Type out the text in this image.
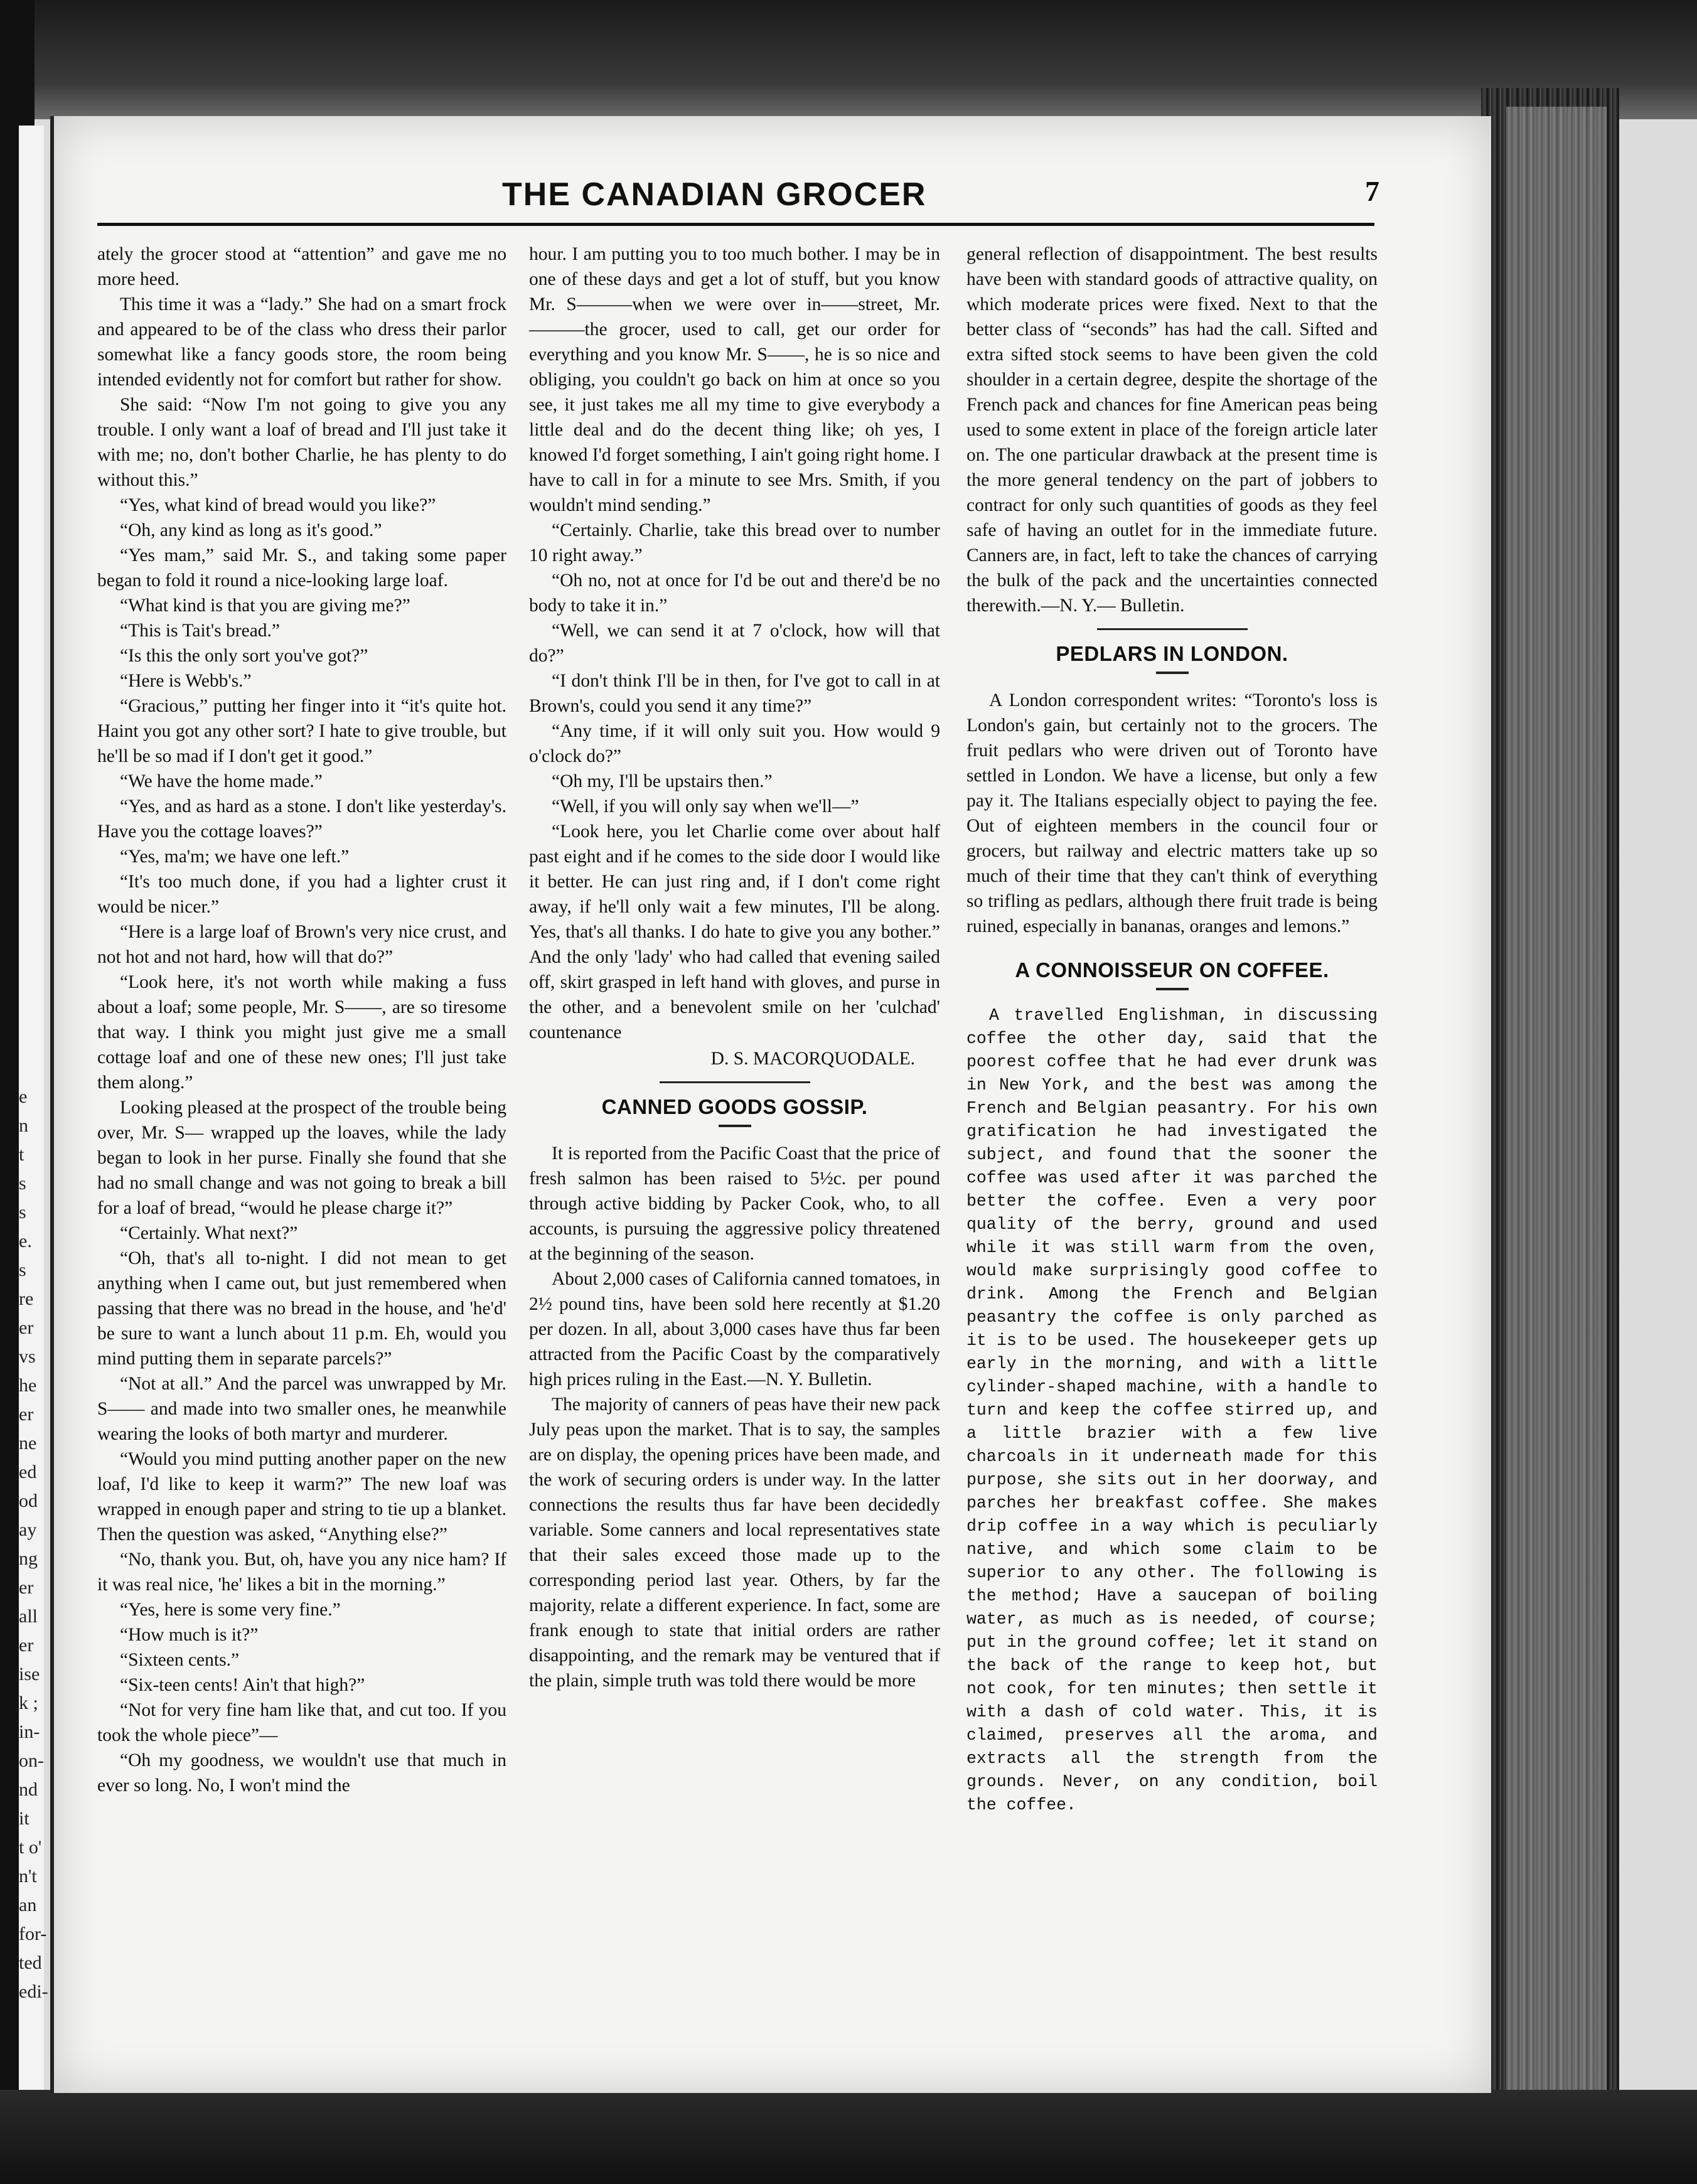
e
n
t
s
s
e.
s
re
er
vs
he
er
ne
ed
od
ay
ng
er
all
er
ise
k ;
in-
on-
nd
it
t o'
n't
an
for-
ted
edi-
THE CANADIAN GROCER	7

ately the grocer stood at “attention” and gave me no more heed.

This time it was a “lady.” She had on a smart frock and appeared to be of the class who dress their parlor somewhat like a fancy goods store, the room being intended evidently not for comfort but rather for show.

She said: “Now I'm not going to give you any trouble. I only want a loaf of bread and I'll just take it with me; no, don't bother Charlie, he has plenty to do without this.”

“Yes, what kind of bread would you like?”

“Oh, any kind as long as it's good.”

“Yes mam,” said Mr. S., and taking some paper began to fold it round a nice-looking large loaf.

“What kind is that you are giving me?”

“This is Tait's bread.”

“Is this the only sort you've got?”

“Here is Webb's.”

“Gracious,” putting her finger into it “it's quite hot. Haint you got any other sort? I hate to give trouble, but he'll be so mad if I don't get it good.”

“We have the home made.”

“Yes, and as hard as a stone. I don't like yesterday's. Have you the cottage loaves?”

“Yes, ma'm; we have one left.”

“It's too much done, if you had a lighter crust it would be nicer.”

“Here is a large loaf of Brown's very nice crust, and not hot and not hard, how will that do?”

“Look here, it's not worth while making a fuss about a loaf; some people, Mr. S——, are so tiresome that way. I think you might just give me a small cottage loaf and one of these new ones; I'll just take them along.”

Looking pleased at the prospect of the trouble being over, Mr. S— wrapped up the loaves, while the lady began to look in her purse. Finally she found that she had no small change and was not going to break a bill for a loaf of bread, “would he please charge it?”

“Certainly. What next?”

“Oh, that's all to-night. I did not mean to get anything when I came out, but just remembered when passing that there was no bread in the house, and 'he'd' be sure to want a lunch about 11 p.m. Eh, would you mind putting them in separate parcels?”

“Not at all.” And the parcel was unwrapped by Mr. S—— and made into two smaller ones, he meanwhile wearing the looks of both martyr and murderer.

“Would you mind putting another paper on the new loaf, I'd like to keep it warm?” The new loaf was wrapped in enough paper and string to tie up a blanket. Then the question was asked, “Anything else?”

“No, thank you. But, oh, have you any nice ham? If it was real nice, 'he' likes a bit in the morning.”

“Yes, here is some very fine.”

“How much is it?”

“Sixteen cents.”

“Six-teen cents! Ain't that high?”

“Not for very fine ham like that, and cut too. If you took the whole piece”—

“Oh my goodness, we wouldn't use that much in ever so long. No, I won't mind the

hour. I am putting you to too much bother. I may be in one of these days and get a lot of stuff, but you know Mr. S———when we were over in——street, Mr.———the grocer, used to call, get our order for everything and you know Mr. S——, he is so nice and obliging, you couldn't go back on him at once so you see, it just takes me all my time to give everybody a little deal and do the decent thing like; oh yes, I knowed I'd forget something, I ain't going right home. I have to call in for a minute to see Mrs. Smith, if you wouldn't mind sending.”

“Certainly. Charlie, take this bread over to number 10 right away.”

“Oh no, not at once for I'd be out and there'd be no body to take it in.”

“Well, we can send it at 7 o'clock, how will that do?”

“I don't think I'll be in then, for I've got to call in at Brown's, could you send it any time?”

“Any time, if it will only suit you. How would 9 o'clock do?”

“Oh my, I'll be upstairs then.”

“Well, if you will only say when we'll—”

“Look here, you let Charlie come over about half past eight and if he comes to the side door I would like it better. He can just ring and, if I don't come right away, if he'll only wait a few minutes, I'll be along. Yes, that's all thanks. I do hate to give you any bother.” And the only 'lady' who had called that evening sailed off, skirt grasped in left hand with gloves, and purse in the other, and a benevolent smile on her 'culchad' countenance

D. S. MACORQUODALE.

CANNED GOODS GOSSIP.

It is reported from the Pacific Coast that the price of fresh salmon has been raised to 5½c. per pound through active bidding by Packer Cook, who, to all accounts, is pursuing the aggressive policy threatened at the beginning of the season.

About 2,000 cases of California canned tomatoes, in 2½ pound tins, have been sold here recently at $1.20 per dozen. In all, about 3,000 cases have thus far been attracted from the Pacific Coast by the comparatively high prices ruling in the East.—N. Y. Bulletin.

The majority of canners of peas have their new pack July peas upon the market. That is to say, the samples are on display, the opening prices have been made, and the work of securing orders is under way. In the latter connections the results thus far have been decidedly variable. Some canners and local representatives state that their sales exceed those made up to the corresponding period last year. Others, by far the majority, relate a different experience. In fact, some are frank enough to state that initial orders are rather disappointing, and the remark may be ventured that if the plain, simple truth was told there would be more

general reflection of disappointment. The best results have been with standard goods of attractive quality, on which moderate prices were fixed. Next to that the better class of “seconds” has had the call. Sifted and extra sifted stock seems to have been given the cold shoulder in a certain degree, despite the shortage of the French pack and chances for fine American peas being used to some extent in place of the foreign article later on. The one particular drawback at the present time is the more general tendency on the part of jobbers to contract for only such quantities of goods as they feel safe of having an outlet for in the immediate future. Canners are, in fact, left to take the chances of carrying the bulk of the pack and the uncertainties connected therewith.—N. Y.— Bulletin.

PEDLARS IN LONDON.

A London correspondent writes: “Toronto's loss is London's gain, but certainly not to the grocers. The fruit pedlars who were driven out of Toronto have settled in London. We have a license, but only a few pay it. The Italians especially object to paying the fee. Out of eighteen members in the council four or grocers, but railway and electric matters take up so much of their time that they can't think of everything so trifling as pedlars, although there fruit trade is being ruined, especially in bananas, oranges and lemons.”

A CONNOISSEUR ON COFFEE.

A travelled Englishman, in discussing coffee the other day, said that the poorest coffee that he had ever drunk was in New York, and the best was among the French and Belgian peasantry. For his own gratification he had investigated the subject, and found that the sooner the coffee was used after it was parched the better the coffee. Even a very poor quality of the berry, ground and used while it was still warm from the oven, would make surprisingly good coffee to drink. Among the French and Belgian peasantry the coffee is only parched as it is to be used. The housekeeper gets up early in the morning, and with a little cylinder-shaped machine, with a handle to turn and keep the coffee stirred up, and a little brazier with a few live charcoals in it underneath made for this purpose, she sits out in her doorway, and parches her breakfast coffee. She makes drip coffee in a way which is peculiarly native, and which some claim to be superior to any other. The following is the method; Have a saucepan of boiling water, as much as is needed, of course; put in the ground coffee; let it stand on the back of the range to keep hot, but not cook, for ten minutes; then settle it with a dash of cold water. This, it is claimed, preserves all the aroma, and extracts all the strength from the grounds. Never, on any condition, boil the coffee.
